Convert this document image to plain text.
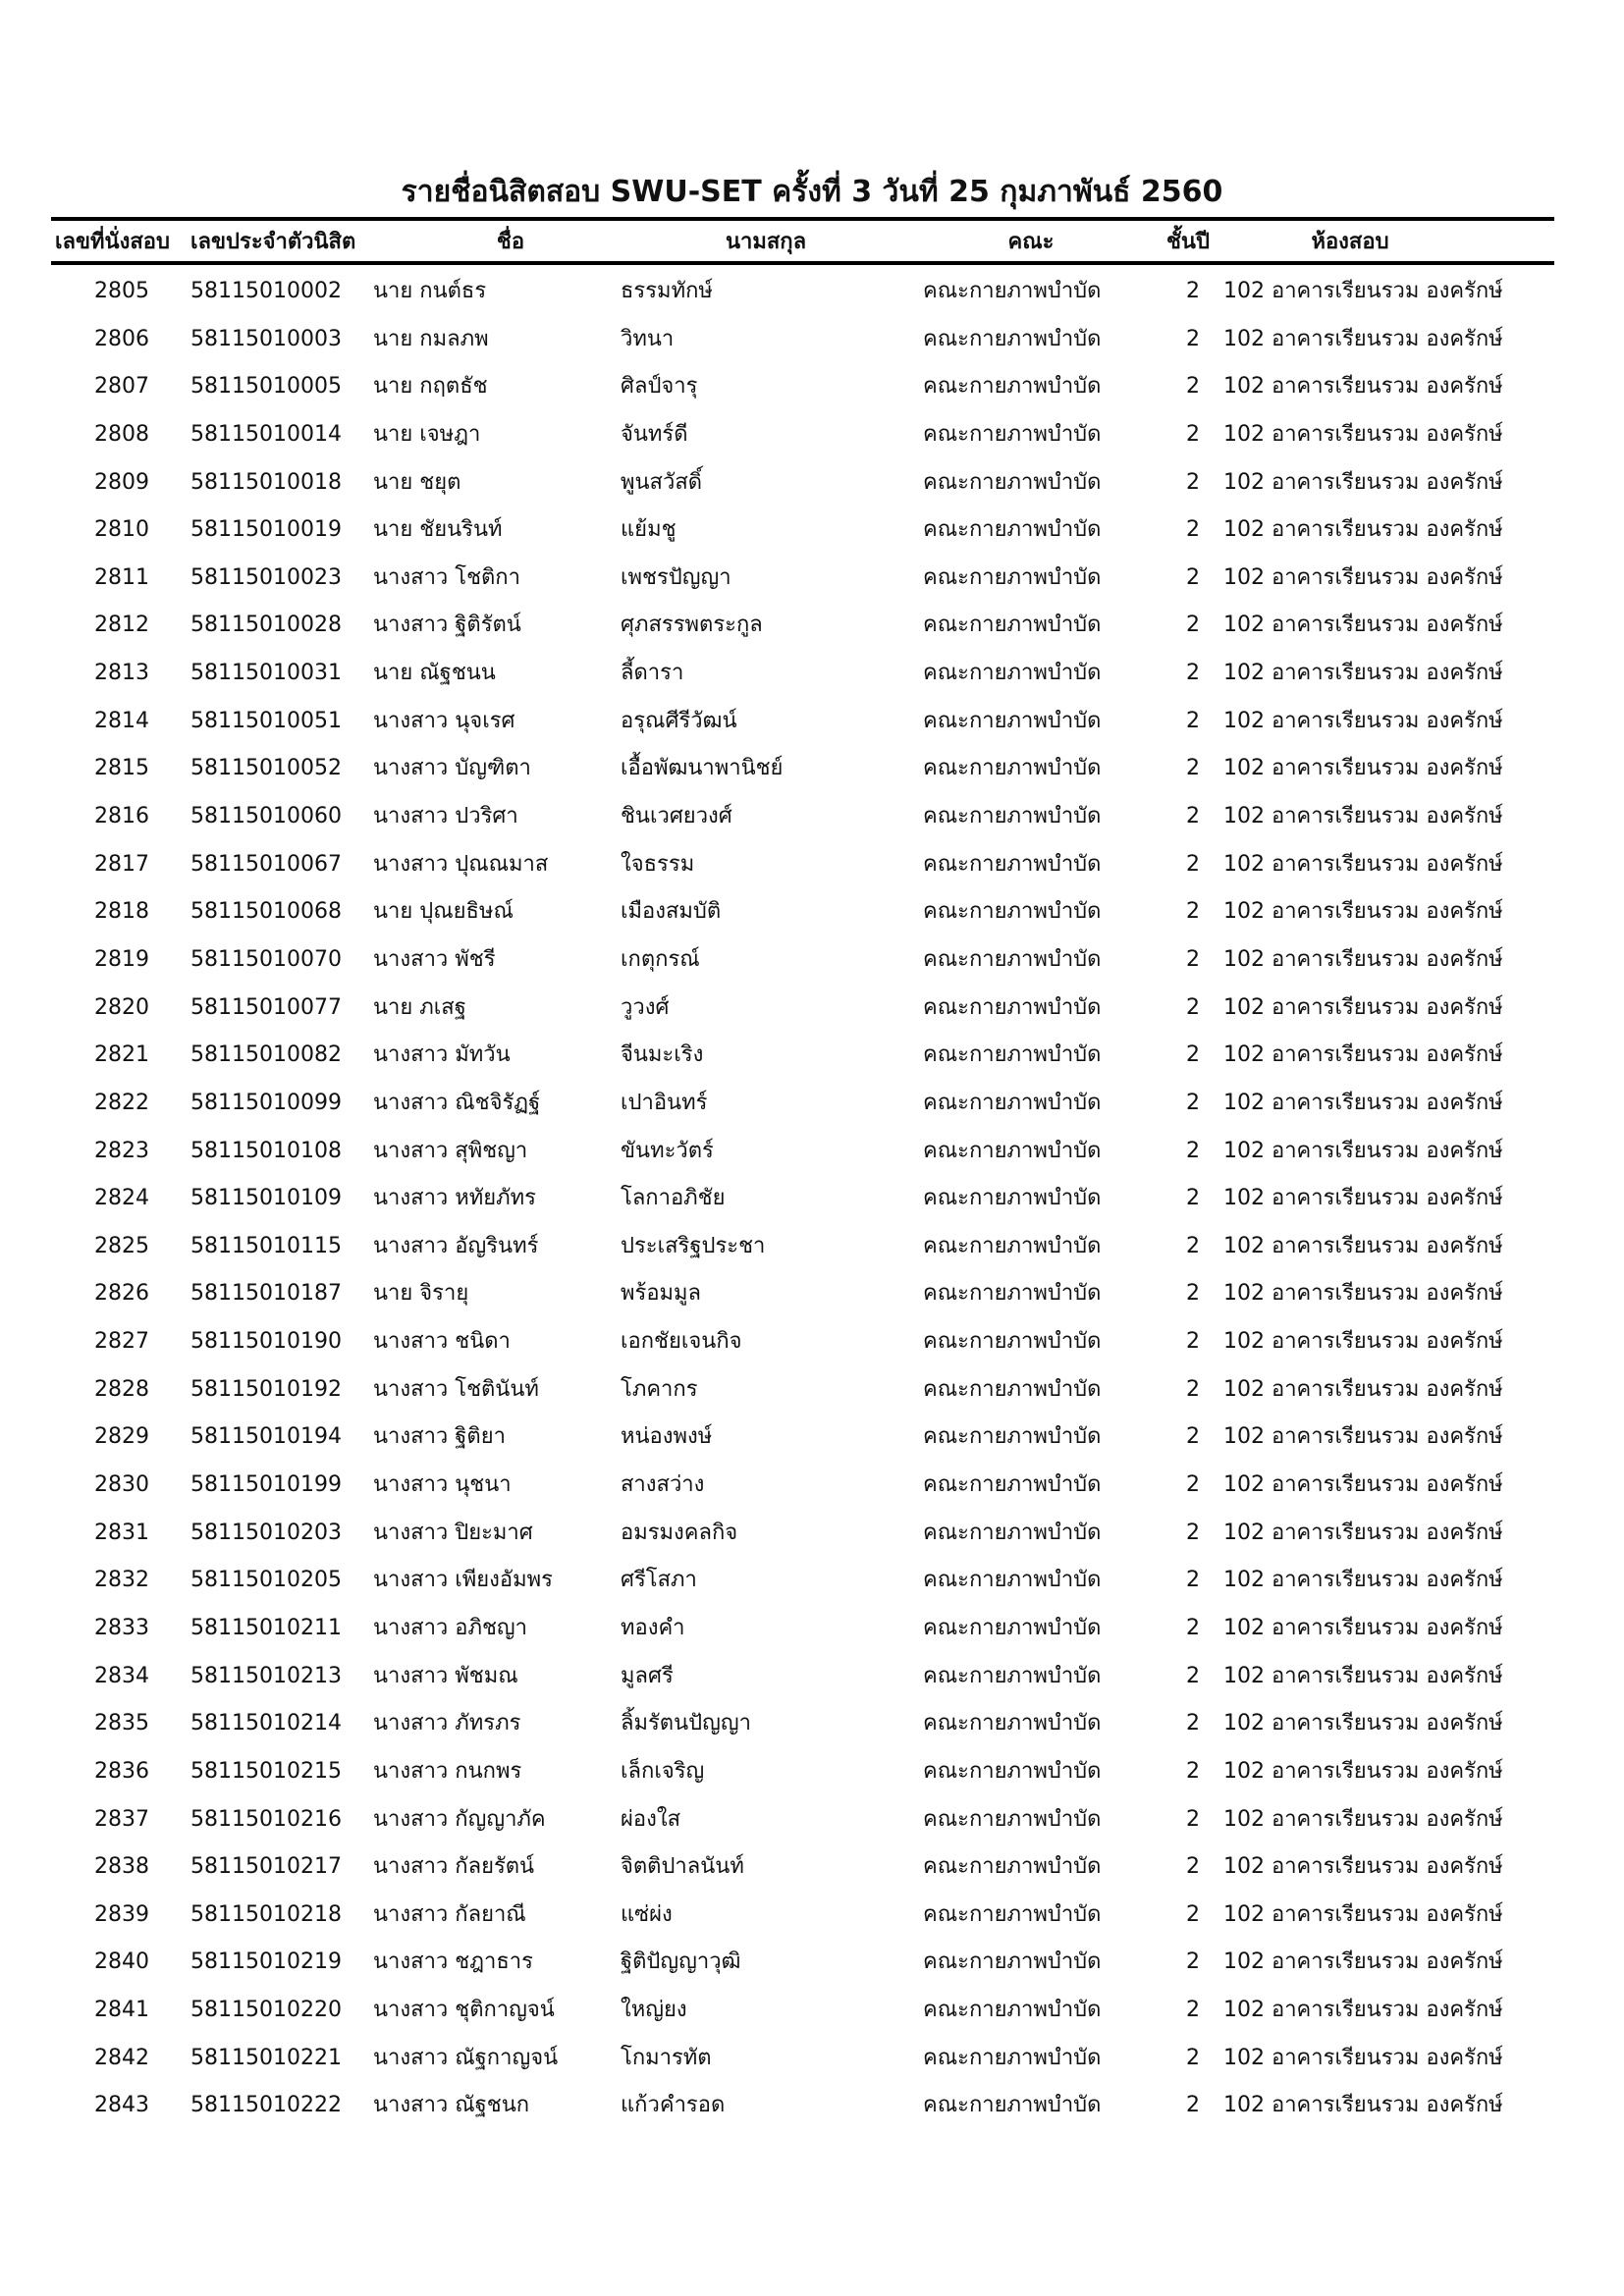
รายชื่อนิสิตสอบ SWU-SET ครั้งที่ 3 วันที่ 25 กุมภาพันธ์ 2560
เลขที่นั่งสอบ เลขประจำตัวนิสิต	ชื่อ	นามสกุล	คณะ	ชั้นปี	ห้องสอบ
2805 58115010002 นาย กนต์ธร	ธรรมทักษ์	คณะกายภาพบำบัด	2 102 อาคารเรียนรวม องครักษ์
2806 58115010003 นาย กมลภพ	วิทนา	คณะกายภาพบำบัด	2 102 อาคารเรียนรวม องครักษ์
2807 58115010005 นาย กฤตธัช	ศิลป์จารุ	คณะกายภาพบำบัด	2 102 อาคารเรียนรวม องครักษ์
2808 58115010014 นาย เจษฎา	จันทร์ดี	คณะกายภาพบำบัด	2 102 อาคารเรียนรวม องครักษ์
2809 58115010018 นาย ชยุต	พูนสวัสดิ์	คณะกายภาพบำบัด	2 102 อาคารเรียนรวม องครักษ์
2810 58115010019 นาย ชัยนรินท์	แย้มชู	คณะกายภาพบำบัด	2 102 อาคารเรียนรวม องครักษ์
2811 58115010023 นางสาว โชติกา	เพชรปัญญา	คณะกายภาพบำบัด	2 102 อาคารเรียนรวม องครักษ์
2812 58115010028 นางสาว ฐิติรัตน์	ศุภสรรพตระกูล	คณะกายภาพบำบัด	2 102 อาคารเรียนรวม องครักษ์
2813 58115010031 นาย ณัฐชนน	ลี้ดารา	คณะกายภาพบำบัด	2 102 อาคารเรียนรวม องครักษ์
2814 58115010051 นางสาว นุจเรศ	อรุณศีรีวัฒน์	คณะกายภาพบำบัด	2 102 อาคารเรียนรวม องครักษ์
2815 58115010052 นางสาว บัญฑิตา	เอื้อพัฒนาพานิชย์	คณะกายภาพบำบัด	2 102 อาคารเรียนรวม องครักษ์
2816 58115010060 นางสาว ปวริศา	ชินเวศยวงศ์	คณะกายภาพบำบัด	2 102 อาคารเรียนรวม องครักษ์
2817 58115010067 นางสาว ปุณณมาส	ใจธรรม	คณะกายภาพบำบัด	2 102 อาคารเรียนรวม องครักษ์
2818 58115010068 นาย ปุณยธิษณ์	เมืองสมบัติ	คณะกายภาพบำบัด	2 102 อาคารเรียนรวม องครักษ์
2819 58115010070 นางสาว พัชรี	เกตุกรณ์	คณะกายภาพบำบัด	2 102 อาคารเรียนรวม องครักษ์
2820 58115010077 นาย ภเสฐ	วูวงศ์	คณะกายภาพบำบัด	2 102 อาคารเรียนรวม องครักษ์
2821 58115010082 นางสาว มัทวัน	จีนมะเริง	คณะกายภาพบำบัด	2 102 อาคารเรียนรวม องครักษ์
2822 58115010099 นางสาว ณิชจิรัฏฐ์	เปาอินทร์	คณะกายภาพบำบัด	2 102 อาคารเรียนรวม องครักษ์
2823 58115010108 นางสาว สุพิชญา	ขันทะวัตร์	คณะกายภาพบำบัด	2 102 อาคารเรียนรวม องครักษ์
2824 58115010109 นางสาว หทัยภัทร	โลกาอภิชัย	คณะกายภาพบำบัด	2 102 อาคารเรียนรวม องครักษ์
2825 58115010115 นางสาว อัญรินทร์	ประเสริฐประชา	คณะกายภาพบำบัด	2 102 อาคารเรียนรวม องครักษ์
2826 58115010187 นาย จิรายุ	พร้อมมูล	คณะกายภาพบำบัด	2 102 อาคารเรียนรวม องครักษ์
2827 58115010190 นางสาว ชนิดา	เอกชัยเจนกิจ	คณะกายภาพบำบัด	2 102 อาคารเรียนรวม องครักษ์
2828 58115010192 นางสาว โชตินันท์	โภคากร	คณะกายภาพบำบัด	2 102 อาคารเรียนรวม องครักษ์
2829 58115010194 นางสาว ฐิติยา	หน่องพงษ์	คณะกายภาพบำบัด	2 102 อาคารเรียนรวม องครักษ์
2830 58115010199 นางสาว นุชนา	สางสว่าง	คณะกายภาพบำบัด	2 102 อาคารเรียนรวม องครักษ์
2831 58115010203 นางสาว ปิยะมาศ	อมรมงคลกิจ	คณะกายภาพบำบัด	2 102 อาคารเรียนรวม องครักษ์
2832 58115010205 นางสาว เพียงอัมพร	ศรีโสภา	คณะกายภาพบำบัด	2 102 อาคารเรียนรวม องครักษ์
2833 58115010211 นางสาว อภิชญา	ทองคำ	คณะกายภาพบำบัด	2 102 อาคารเรียนรวม องครักษ์
2834 58115010213 นางสาว พัชมณ	มูลศรี	คณะกายภาพบำบัด	2 102 อาคารเรียนรวม องครักษ์
2835 58115010214 นางสาว ภัทรภร	ลิ้มรัตนปัญญา	คณะกายภาพบำบัด	2 102 อาคารเรียนรวม องครักษ์
2836 58115010215 นางสาว กนกพร	เล็กเจริญ	คณะกายภาพบำบัด	2 102 อาคารเรียนรวม องครักษ์
2837 58115010216 นางสาว กัญญาภัค	ผ่องใส	คณะกายภาพบำบัด	2 102 อาคารเรียนรวม องครักษ์
2838 58115010217 นางสาว กัลยรัตน์	จิตติปาลนันท์	คณะกายภาพบำบัด	2 102 อาคารเรียนรวม องครักษ์
2839 58115010218 นางสาว กัลยาณี	แซ่ผ่ง	คณะกายภาพบำบัด	2 102 อาคารเรียนรวม องครักษ์
2840 58115010219 นางสาว ชฎาธาร	ฐิติปัญญาวุฒิ	คณะกายภาพบำบัด	2 102 อาคารเรียนรวม องครักษ์
2841 58115010220 นางสาว ชุติกาญจน์	ใหญ่ยง	คณะกายภาพบำบัด	2 102 อาคารเรียนรวม องครักษ์
2842 58115010221 นางสาว ณัฐกาญจน์	โกมารทัต	คณะกายภาพบำบัด	2 102 อาคารเรียนรวม องครักษ์
2843 58115010222 นางสาว ณัฐชนก	แก้วคำรอด	คณะกายภาพบำบัด	2 102 อาคารเรียนรวม องครักษ์
